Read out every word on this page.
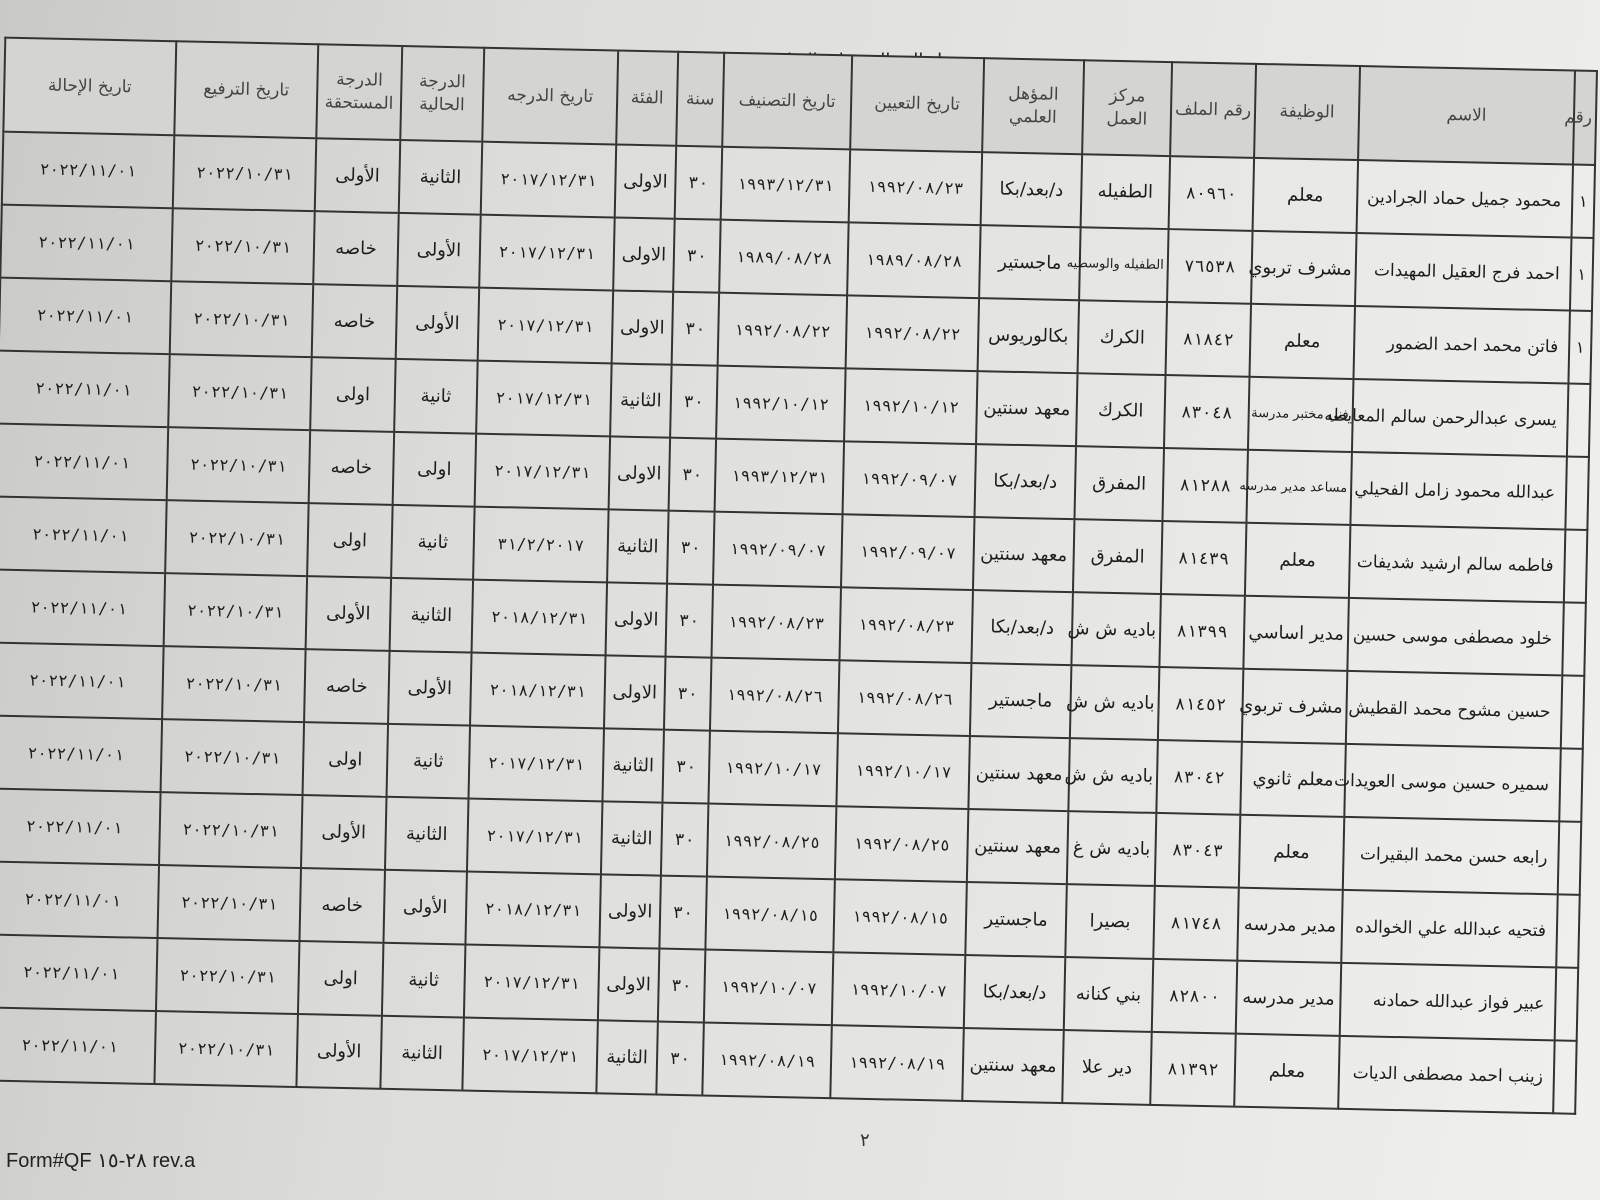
رقم	الاسم	الوظيفة	رقم الملف	مركز العمل	المؤهل العلمي	تاريخ التعيين	تاريخ التصنيف	سنة	الفئة	تاريخ الدرجه	الدرجة الحالية	الدرجة المستحقة	تاريخ الترفيع	تاريخ الإحالة
١	محمود جميل حماد الجرادين	معلم	٨٠٩٦٠	الطفيله	د/بعد/بكا	١٩٩٢/٠٨/٢٣	١٩٩٣/١٢/٣١	٣٠	الاولى	٢٠١٧/١٢/٣١	الثانية	الأولى	٢٠٢٢/١٠/٣١	٢٠٢٢/١١/٠١
١	احمد فرج العقيل المهيدات	مشرف تربوي	٧٦٥٣٨	الطفيله والوسطيه	ماجستير	١٩٨٩/٠٨/٢٨	١٩٨٩/٠٨/٢٨	٣٠	الاولى	٢٠١٧/١٢/٣١	الأولى	خاصه	٢٠٢٢/١٠/٣١	٢٠٢٢/١١/٠١
١	فاتن محمد احمد الضمور	معلم	٨١٨٤٢	الكرك	بكالوريوس	١٩٩٢/٠٨/٢٢	١٩٩٢/٠٨/٢٢	٣٠	الاولى	٢٠١٧/١٢/٣١	الأولى	خاصه	٢٠٢٢/١٠/٣١	٢٠٢٢/١١/٠١
	يسرى عبدالرحمن سالم المعايطه	فني مختبر مدرسة	٨٣٠٤٨	الكرك	معهد سنتين	١٩٩٢/١٠/١٢	١٩٩٢/١٠/١٢	٣٠	الثانية	٢٠١٧/١٢/٣١	ثانية	اولى	٢٠٢٢/١٠/٣١	٢٠٢٢/١١/٠١
	عبدالله محمود زامل الفحيلي	مساعد مدير مدرسه	٨١٢٨٨	المفرق	د/بعد/بكا	١٩٩٢/٠٩/٠٧	١٩٩٣/١٢/٣١	٣٠	الاولى	٢٠١٧/١٢/٣١	اولى	خاصه	٢٠٢٢/١٠/٣١	٢٠٢٢/١١/٠١
	فاطمه سالم ارشيد شديفات	معلم	٨١٤٣٩	المفرق	معهد سنتين	١٩٩٢/٠٩/٠٧	١٩٩٢/٠٩/٠٧	٣٠	الثانية	٣١/٢/٢٠١٧	ثانية	اولى	٢٠٢٢/١٠/٣١	٢٠٢٢/١١/٠١
	خلود مصطفى موسى حسين	مدير اساسي	٨١٣٩٩	باديه ش ش	د/بعد/بكا	١٩٩٢/٠٨/٢٣	١٩٩٢/٠٨/٢٣	٣٠	الاولى	٢٠١٨/١٢/٣١	الثانية	الأولى	٢٠٢٢/١٠/٣١	٢٠٢٢/١١/٠١
	حسين مشوح محمد القطيش	مشرف تربوي	٨١٤٥٢	باديه ش ش	ماجستير	١٩٩٢/٠٨/٢٦	١٩٩٢/٠٨/٢٦	٣٠	الاولى	٢٠١٨/١٢/٣١	الأولى	خاصه	٢٠٢٢/١٠/٣١	٢٠٢٢/١١/٠١
	سميره حسين موسى العويدات	معلم ثانوي	٨٣٠٤٢	باديه ش ش	معهد سنتين	١٩٩٢/١٠/١٧	١٩٩٢/١٠/١٧	٣٠	الثانية	٢٠١٧/١٢/٣١	ثانية	اولى	٢٠٢٢/١٠/٣١	٢٠٢٢/١١/٠١
	رابعه حسن محمد البقيرات	معلم	٨٣٠٤٣	باديه ش غ	معهد سنتين	١٩٩٢/٠٨/٢٥	١٩٩٢/٠٨/٢٥	٣٠	الثانية	٢٠١٧/١٢/٣١	الثانية	الأولى	٢٠٢٢/١٠/٣١	٢٠٢٢/١١/٠١
	فتحيه عبدالله علي الخوالده	مدير مدرسه	٨١٧٤٨	بصيرا	ماجستير	١٩٩٢/٠٨/١٥	١٩٩٢/٠٨/١٥	٣٠	الاولى	٢٠١٨/١٢/٣١	الأولى	خاصه	٢٠٢٢/١٠/٣١	٢٠٢٢/١١/٠١
	عبير فواز عبدالله حمادنه	مدير مدرسه	٨٢٨٠٠	بني كنانه	د/بعد/بكا	١٩٩٢/١٠/٠٧	١٩٩٢/١٠/٠٧	٣٠	الاولى	٢٠١٧/١٢/٣١	ثانية	اولى	٢٠٢٢/١٠/٣١	٢٠٢٢/١١/٠١
	زينب احمد مصطفى الديات	معلم	٨١٣٩٢	دير علا	معهد سنتين	١٩٩٢/٠٨/١٩	١٩٩٢/٠٨/١٩	٣٠	الثانية	٢٠١٧/١٢/٣١	الثانية	الأولى	٢٠٢٢/١٠/٣١	٢٠٢٢/١١/٠١
٢
Form#QF ٢٨-١٥ rev.a
